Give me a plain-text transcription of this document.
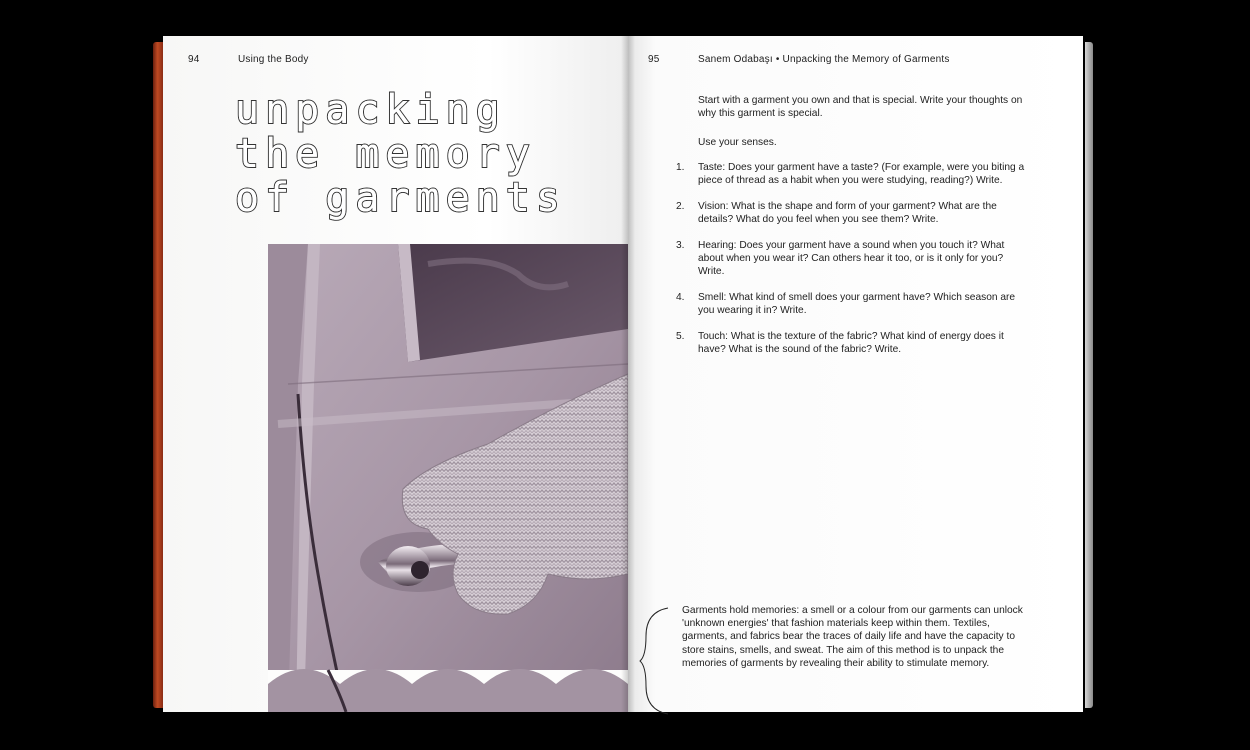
94	Using the Body
unpacking
the memory
of garments
95	Sanem Odabaşı • Unpacking the Memory of Garments
Start with a garment you own and that is special. Write your thoughts on why this garment is special.
Use your senses.
1. Taste: Does your garment have a taste? (For example, were you biting a piece of thread as a habit when you were studying, reading?) Write.
2. Vision: What is the shape and form of your garment? What are the details? What do you feel when you see them? Write.
3. Hearing: Does your garment have a sound when you touch it? What about when you wear it? Can others hear it too, or is it only for you? Write.
4. Smell: What kind of smell does your garment have? Which season are you wearing it in? Write.
5. Touch: What is the texture of the fabric? What kind of energy does it have? What is the sound of the fabric? Write.
Garments hold memories: a smell or a colour from our garments can unlock 'unknown energies' that fashion materials keep within them. Textiles, garments, and fabrics bear the traces of daily life and have the capacity to store stains, smells, and sweat. The aim of this method is to unpack the memories of garments by revealing their ability to stimulate memory.
